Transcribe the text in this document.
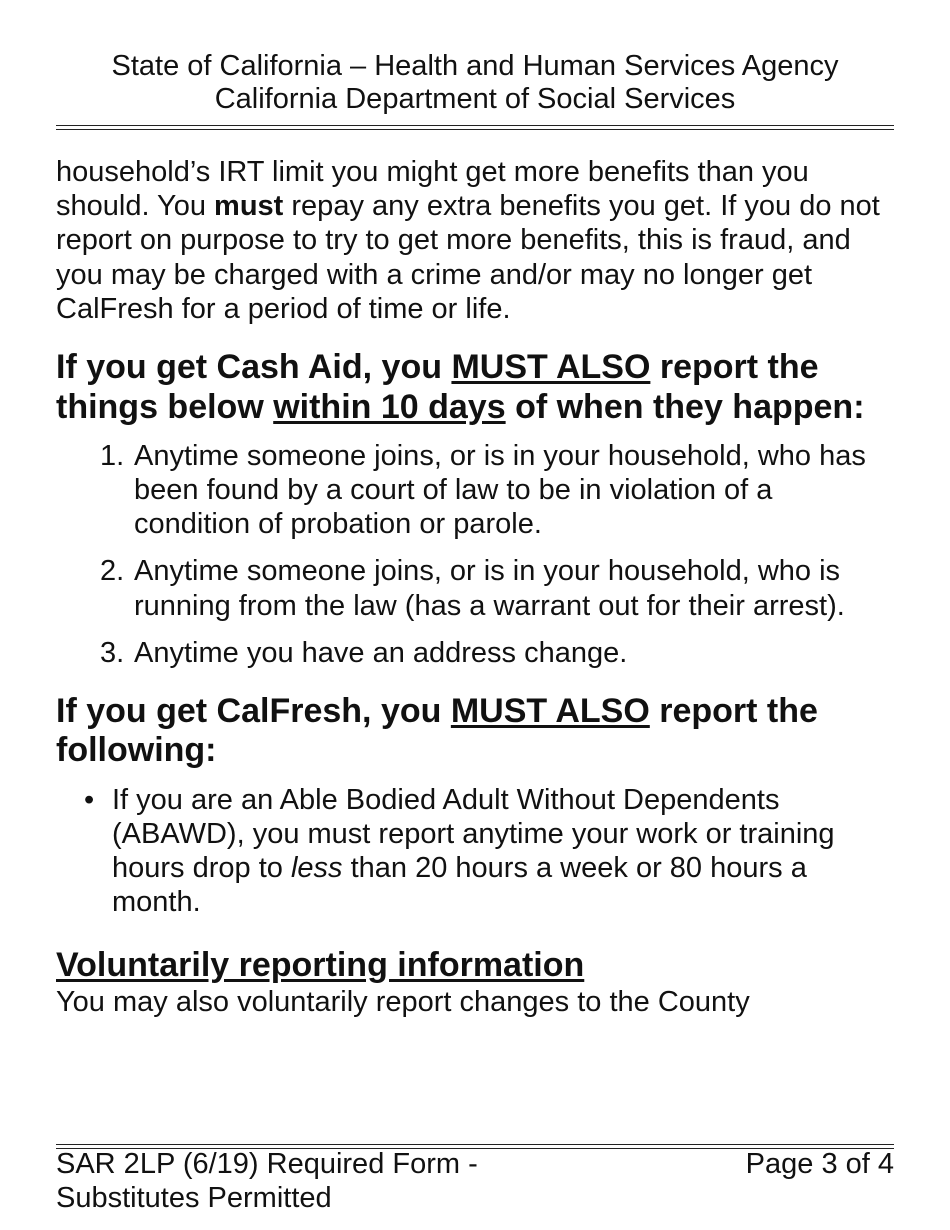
State of California – Health and Human Services Agency
California Department of Social Services

household’s IRT limit you might get more benefits than you should. You must repay any extra benefits you get. If you do not report on purpose to try to get more benefits, this is fraud, and you may be charged with a crime and/or may no longer get CalFresh for a period of time or life.

If you get Cash Aid, you MUST ALSO report the things below within 10 days of when they happen:
1. Anytime someone joins, or is in your household, who has been found by a court of law to be in violation of a condition of probation or parole.
2. Anytime someone joins, or is in your household, who is running from the law (has a warrant out for their arrest).
3. Anytime you have an address change.
If you get CalFresh, you MUST ALSO report the following:
• If you are an Able Bodied Adult Without Dependents (ABAWD), you must report anytime your work or training hours drop to less than 20 hours a week or 80 hours a month.
Voluntarily reporting information

You may also voluntarily report changes to the County

SAR 2LP (6/19) Required Form -
Substitutes Permitted
Page 3 of 4
